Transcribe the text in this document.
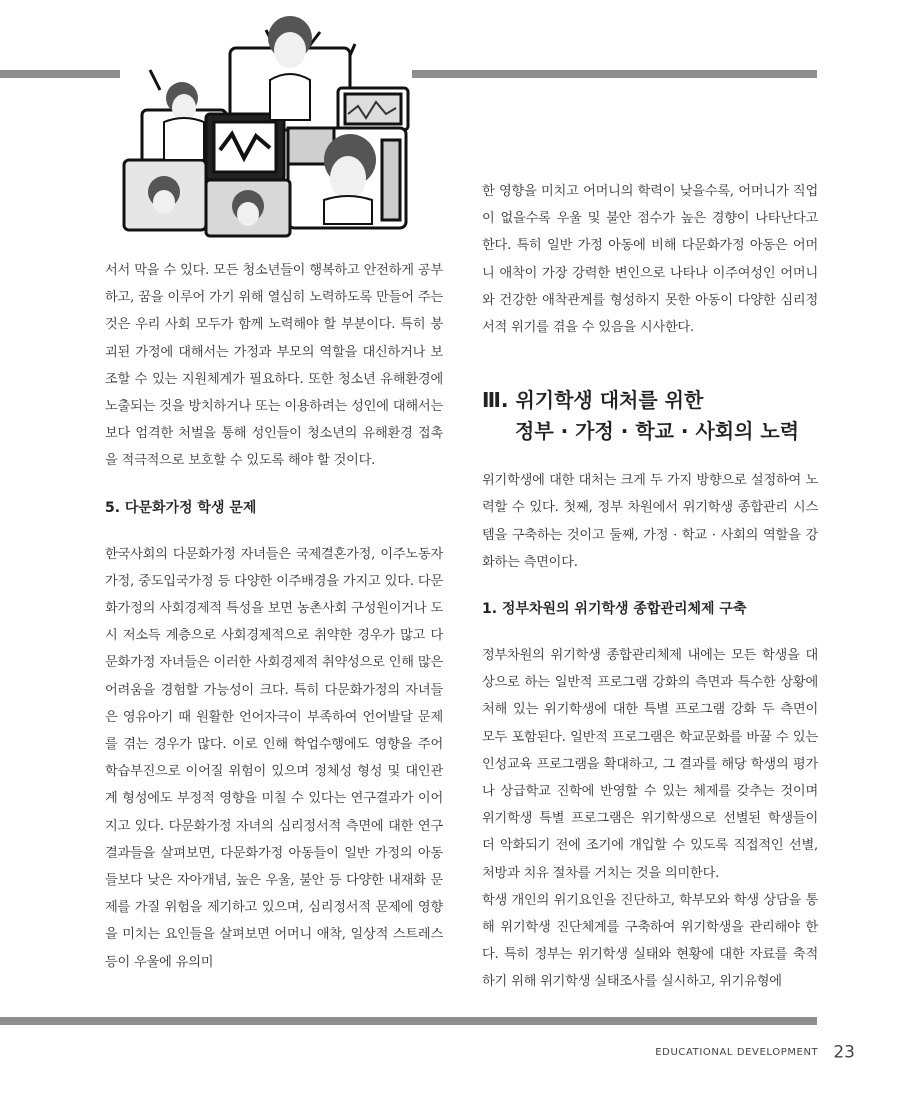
서서 막을 수 있다. 모든 청소년들이 행복하고 안전하게 공부하고, 꿈을 이루어 가기 위해 열심히 노력하도록 만들어 주는 것은 우리 사회 모두가 함께 노력해야 할 부분이다. 특히 붕괴된 가정에 대해서는 가정과 부모의 역할을 대신하거나 보조할 수 있는 지원체계가 필요하다. 또한 청소년 유해환경에 노출되는 것을 방치하거나 또는 이용하려는 성인에 대해서는 보다 엄격한 처벌을 통해 성인들이 청소년의 유해환경 접촉을 적극적으로 보호할 수 있도록 해야 할 것이다.

5. 다문화가정 학생 문제

한국사회의 다문화가정 자녀들은 국제결혼가정, 이주노동자가정, 중도입국가정 등 다양한 이주배경을 가지고 있다. 다문화가정의 사회경제적 특성을 보면 농촌사회 구성원이거나 도시 저소득 계층으로 사회경제적으로 취약한 경우가 많고 다문화가정 자녀들은 이러한 사회경제적 취약성으로 인해 많은 어려움을 경험할 가능성이 크다. 특히 다문화가정의 자녀들은 영유아기 때 원활한 언어자극이 부족하여 언어발달 문제를 겪는 경우가 많다. 이로 인해 학업수행에도 영향을 주어 학습부진으로 이어질 위험이 있으며 정체성 형성 및 대인관계 형성에도 부정적 영향을 미칠 수 있다는 연구결과가 이어지고 있다. 다문화가정 자녀의 심리정서적 측면에 대한 연구결과들을 살펴보면, 다문화가정 아동들이 일반 가정의 아동들보다 낮은 자아개념, 높은 우울, 불안 등 다양한 내재화 문제를 가질 위험을 제기하고 있으며, 심리정서적 문제에 영향을 미치는 요인들을 살펴보면 어머니 애착, 일상적 스트레스 등이 우울에 유의미

한 영향을 미치고 어머니의 학력이 낮을수록, 어머니가 직업이 없을수록 우울 및 불안 점수가 높은 경향이 나타난다고 한다. 특히 일반 가정 아동에 비해 다문화가정 아동은 어머니 애착이 가장 강력한 변인으로 나타나 이주여성인 어머니와 건강한 애착관계를 형성하지 못한 아동이 다양한 심리정서적 위기를 겪을 수 있음을 시사한다.

Ⅲ. 위기학생 대처를 위한
정부 · 가정 · 학교 · 사회의 노력

위기학생에 대한 대처는 크게 두 가지 방향으로 설정하여 노력할 수 있다. 첫째, 정부 차원에서 위기학생 종합관리 시스템을 구축하는 것이고 둘째, 가정 · 학교 · 사회의 역할을 강화하는 측면이다.

1. 정부차원의 위기학생 종합관리체제 구축

정부차원의 위기학생 종합관리체제 내에는 모든 학생을 대상으로 하는 일반적 프로그램 강화의 측면과 특수한 상황에 처해 있는 위기학생에 대한 특별 프로그램 강화 두 측면이 모두 포함된다. 일반적 프로그램은 학교문화를 바꿀 수 있는 인성교육 프로그램을 확대하고, 그 결과를 해당 학생의 평가나 상급학교 진학에 반영할 수 있는 체제를 갖추는 것이며 위기학생 특별 프로그램은 위기학생으로 선별된 학생들이 더 악화되기 전에 조기에 개입할 수 있도록 직접적인 선별, 처방과 치유 절차를 거치는 것을 의미한다.

학생 개인의 위기요인을 진단하고, 학부모와 학생 상담을 통해 위기학생 진단체계를 구축하여 위기학생을 관리해야 한다. 특히 정부는 위기학생 실태와 현황에 대한 자료를 축적하기 위해 위기학생 실태조사를 실시하고, 위기유형에

EDUCATIONAL DEVELOPMENT 23
